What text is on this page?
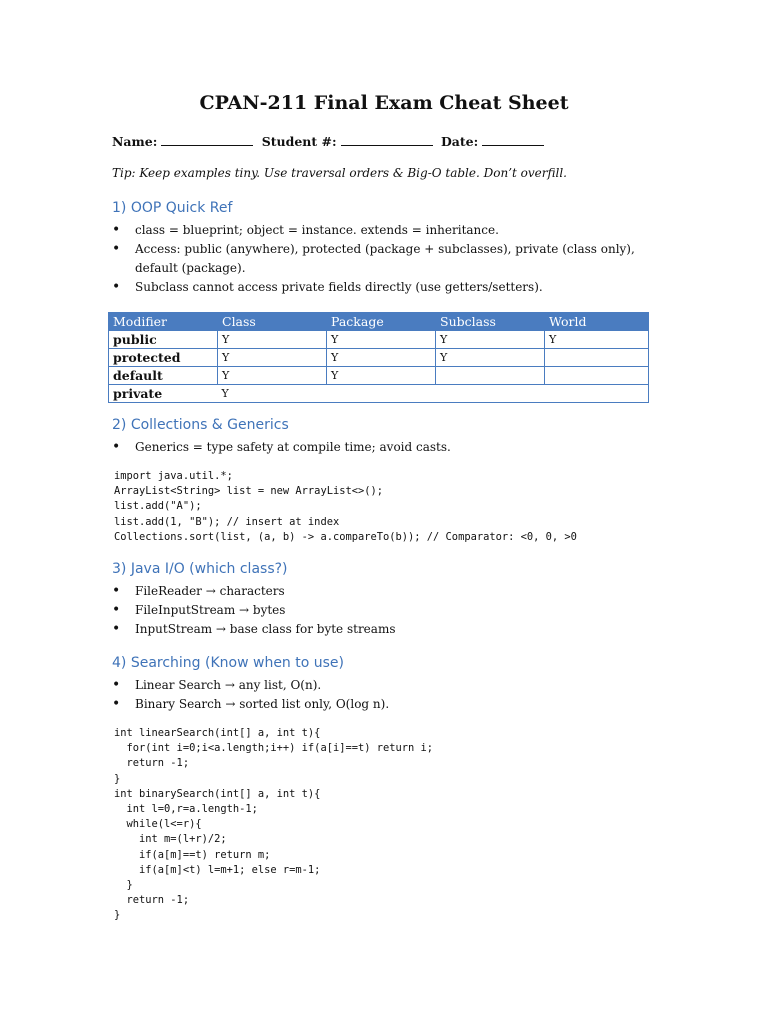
CPAN-211 Final Exam Cheat Sheet
Name:	Student #:	Date:
Tip: Keep examples tiny. Use traversal orders & Big-O table. Don’t overfill.
1) OOP Quick Ref
• class = blueprint; object = instance. extends = inheritance.
• Access: public (anywhere), protected (package + subclasses), private (class only), default (package).
• Subclass cannot access private fields directly (use getters/setters).
Modifier	Class	Package	Subclass	World
public	Y	Y	Y	Y
protected	Y	Y	Y	
default	Y	Y		
private	Y			
2) Collections & Generics
• Generics = type safety at compile time; avoid casts.
import java.util.*;
ArrayList<String> list = new ArrayList<>();
list.add("A");
list.add(1, "B"); // insert at index
Collections.sort(list, (a, b) -> a.compareTo(b)); // Comparator: <0, 0, >0
3) Java I/O (which class?)
• FileReader → characters
• FileInputStream → bytes
• InputStream → base class for byte streams
4) Searching (Know when to use)
• Linear Search → any list, O(n).
• Binary Search → sorted list only, O(log n).
int linearSearch(int[] a, int t){
for(int i=0;i<a.length;i++) if(a[i]==t) return i;
return -1;
}
int binarySearch(int[] a, int t){
int l=0,r=a.length-1;
while(l<=r){
int m=(l+r)/2;
if(a[m]==t) return m;
if(a[m]<t) l=m+1; else r=m-1;
}
return -1;
}
